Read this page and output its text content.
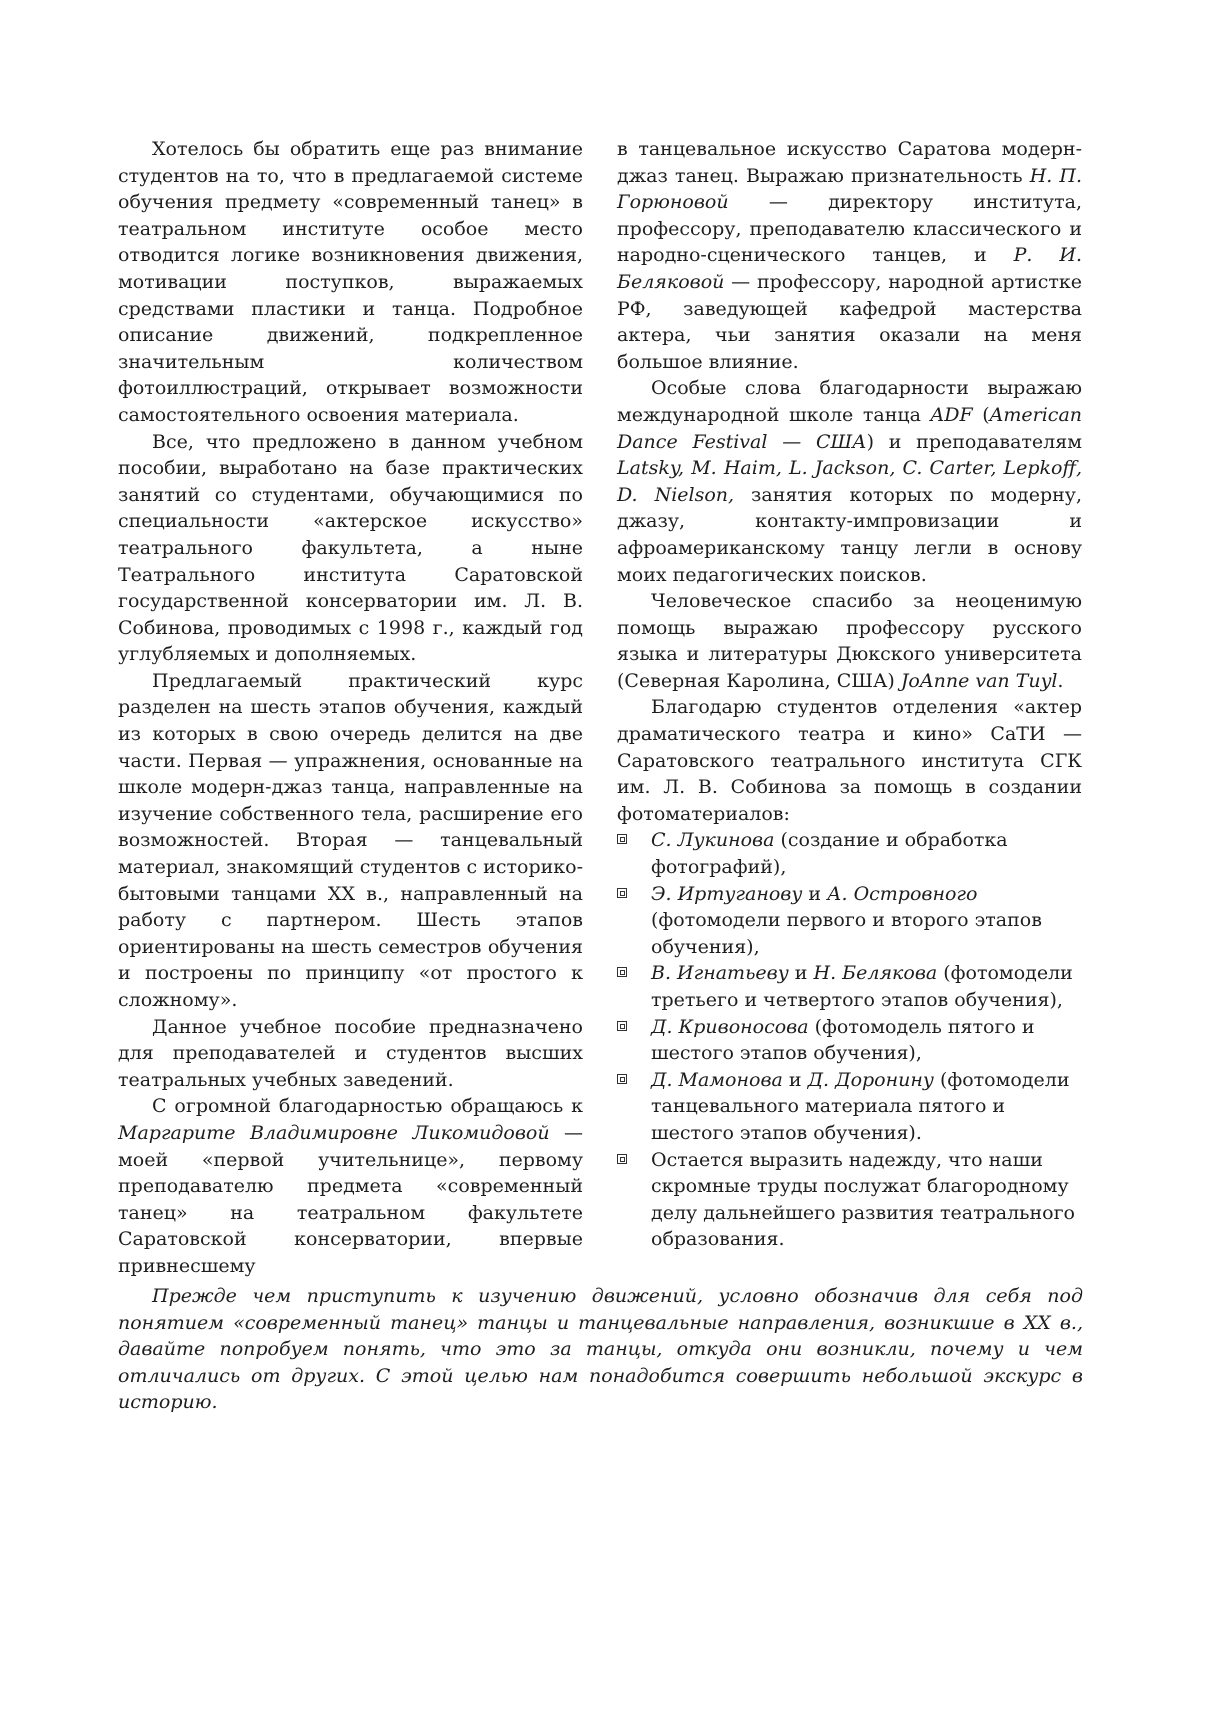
Хотелось бы обратить еще раз внимание студентов на то, что в предлагаемой системе обучения предмету «современный танец» в театральном институте особое место отводится логике возникновения движения, мотивации поступков, выражаемых средствами пластики и танца. Подробное описание движений, подкрепленное значительным количеством фотоиллюстраций, открывает возможности самостоятельного освоения материала.

Все, что предложено в данном учебном пособии, выработано на базе практических занятий со студентами, обучающимися по специальности «актерское искусство» театрального факультета, а ныне Театрального института Саратовской государственной консерватории им. Л. В. Собинова, проводимых с 1998 г., каждый год углубляемых и дополняемых.

Предлагаемый практический курс разделен на шесть этапов обучения, каждый из которых в свою очередь делится на две части. Первая — упражнения, основанные на школе модерн-джаз танца, направленные на изучение собственного тела, расширение его возможностей. Вторая — танцевальный материал, знакомящий студентов с историко-бытовыми танцами XX в., направленный на работу с партнером. Шесть этапов ориентированы на шесть семестров обучения и построены по принципу «от простого к сложному».

Данное учебное пособие предназначено для преподавателей и студентов высших театральных учебных заведений.

С огромной благодарностью обращаюсь к Маргарите Владимировне Ликомидовой — моей «первой учительнице», первому преподавателю предмета «современный танец» на театральном факультете Саратовской консерватории, впервые привнесшему

в танцевальное искусство Саратова модерн-джаз танец. Выражаю признательность Н. П. Горюновой — директору института, профессору, преподавателю классического и народно-сценического танцев, и Р. И. Беляковой — профессору, народной артистке РФ, заведующей кафедрой мастерства актера, чьи занятия оказали на меня большое влияние.

Особые слова благодарности выражаю международной школе танца ADF (American Dance Festival — США) и преподавателям Latsky, M. Haim, L. Jackson, C. Carter, Lepkoff, D. Nielson, занятия которых по модерну, джазу, контакту-импровизации и афроамериканскому танцу легли в основу моих педагогических поисков.

Человеческое спасибо за неоценимую помощь выражаю профессору русского языка и литературы Дюкского университета (Северная Каролина, США) JoAnne van Tuyl.

Благодарю студентов отделения «актер драматического театра и кино» СаТИ — Саратовского театрального института СГК им. Л. В. Собинова за помощь в создании фотоматериалов:

С. Лукинова (создание и обработка фотографий),
Э. Иртуганову и А. Островного (фотомодели первого и второго этапов обучения),
В. Игнатьеву и Н. Белякова (фотомодели третьего и четвертого этапов обучения),
Д. Кривоносова (фотомодель пятого и шестого этапов обучения),
Д. Мамонова и Д. Доронину (фотомодели танцевального материала пятого и шестого этапов обучения).
Остается выразить надежду, что наши скромные труды послужат благородному делу дальнейшего развития театрального образования.

Прежде чем приступить к изучению движений, условно обозначив для себя под понятием «современный танец» танцы и танцевальные направления, возникшие в XX в., давайте попробуем понять, что это за танцы, откуда они возникли, почему и чем отличались от других. С этой целью нам понадобится совершить небольшой экскурс в историю.
